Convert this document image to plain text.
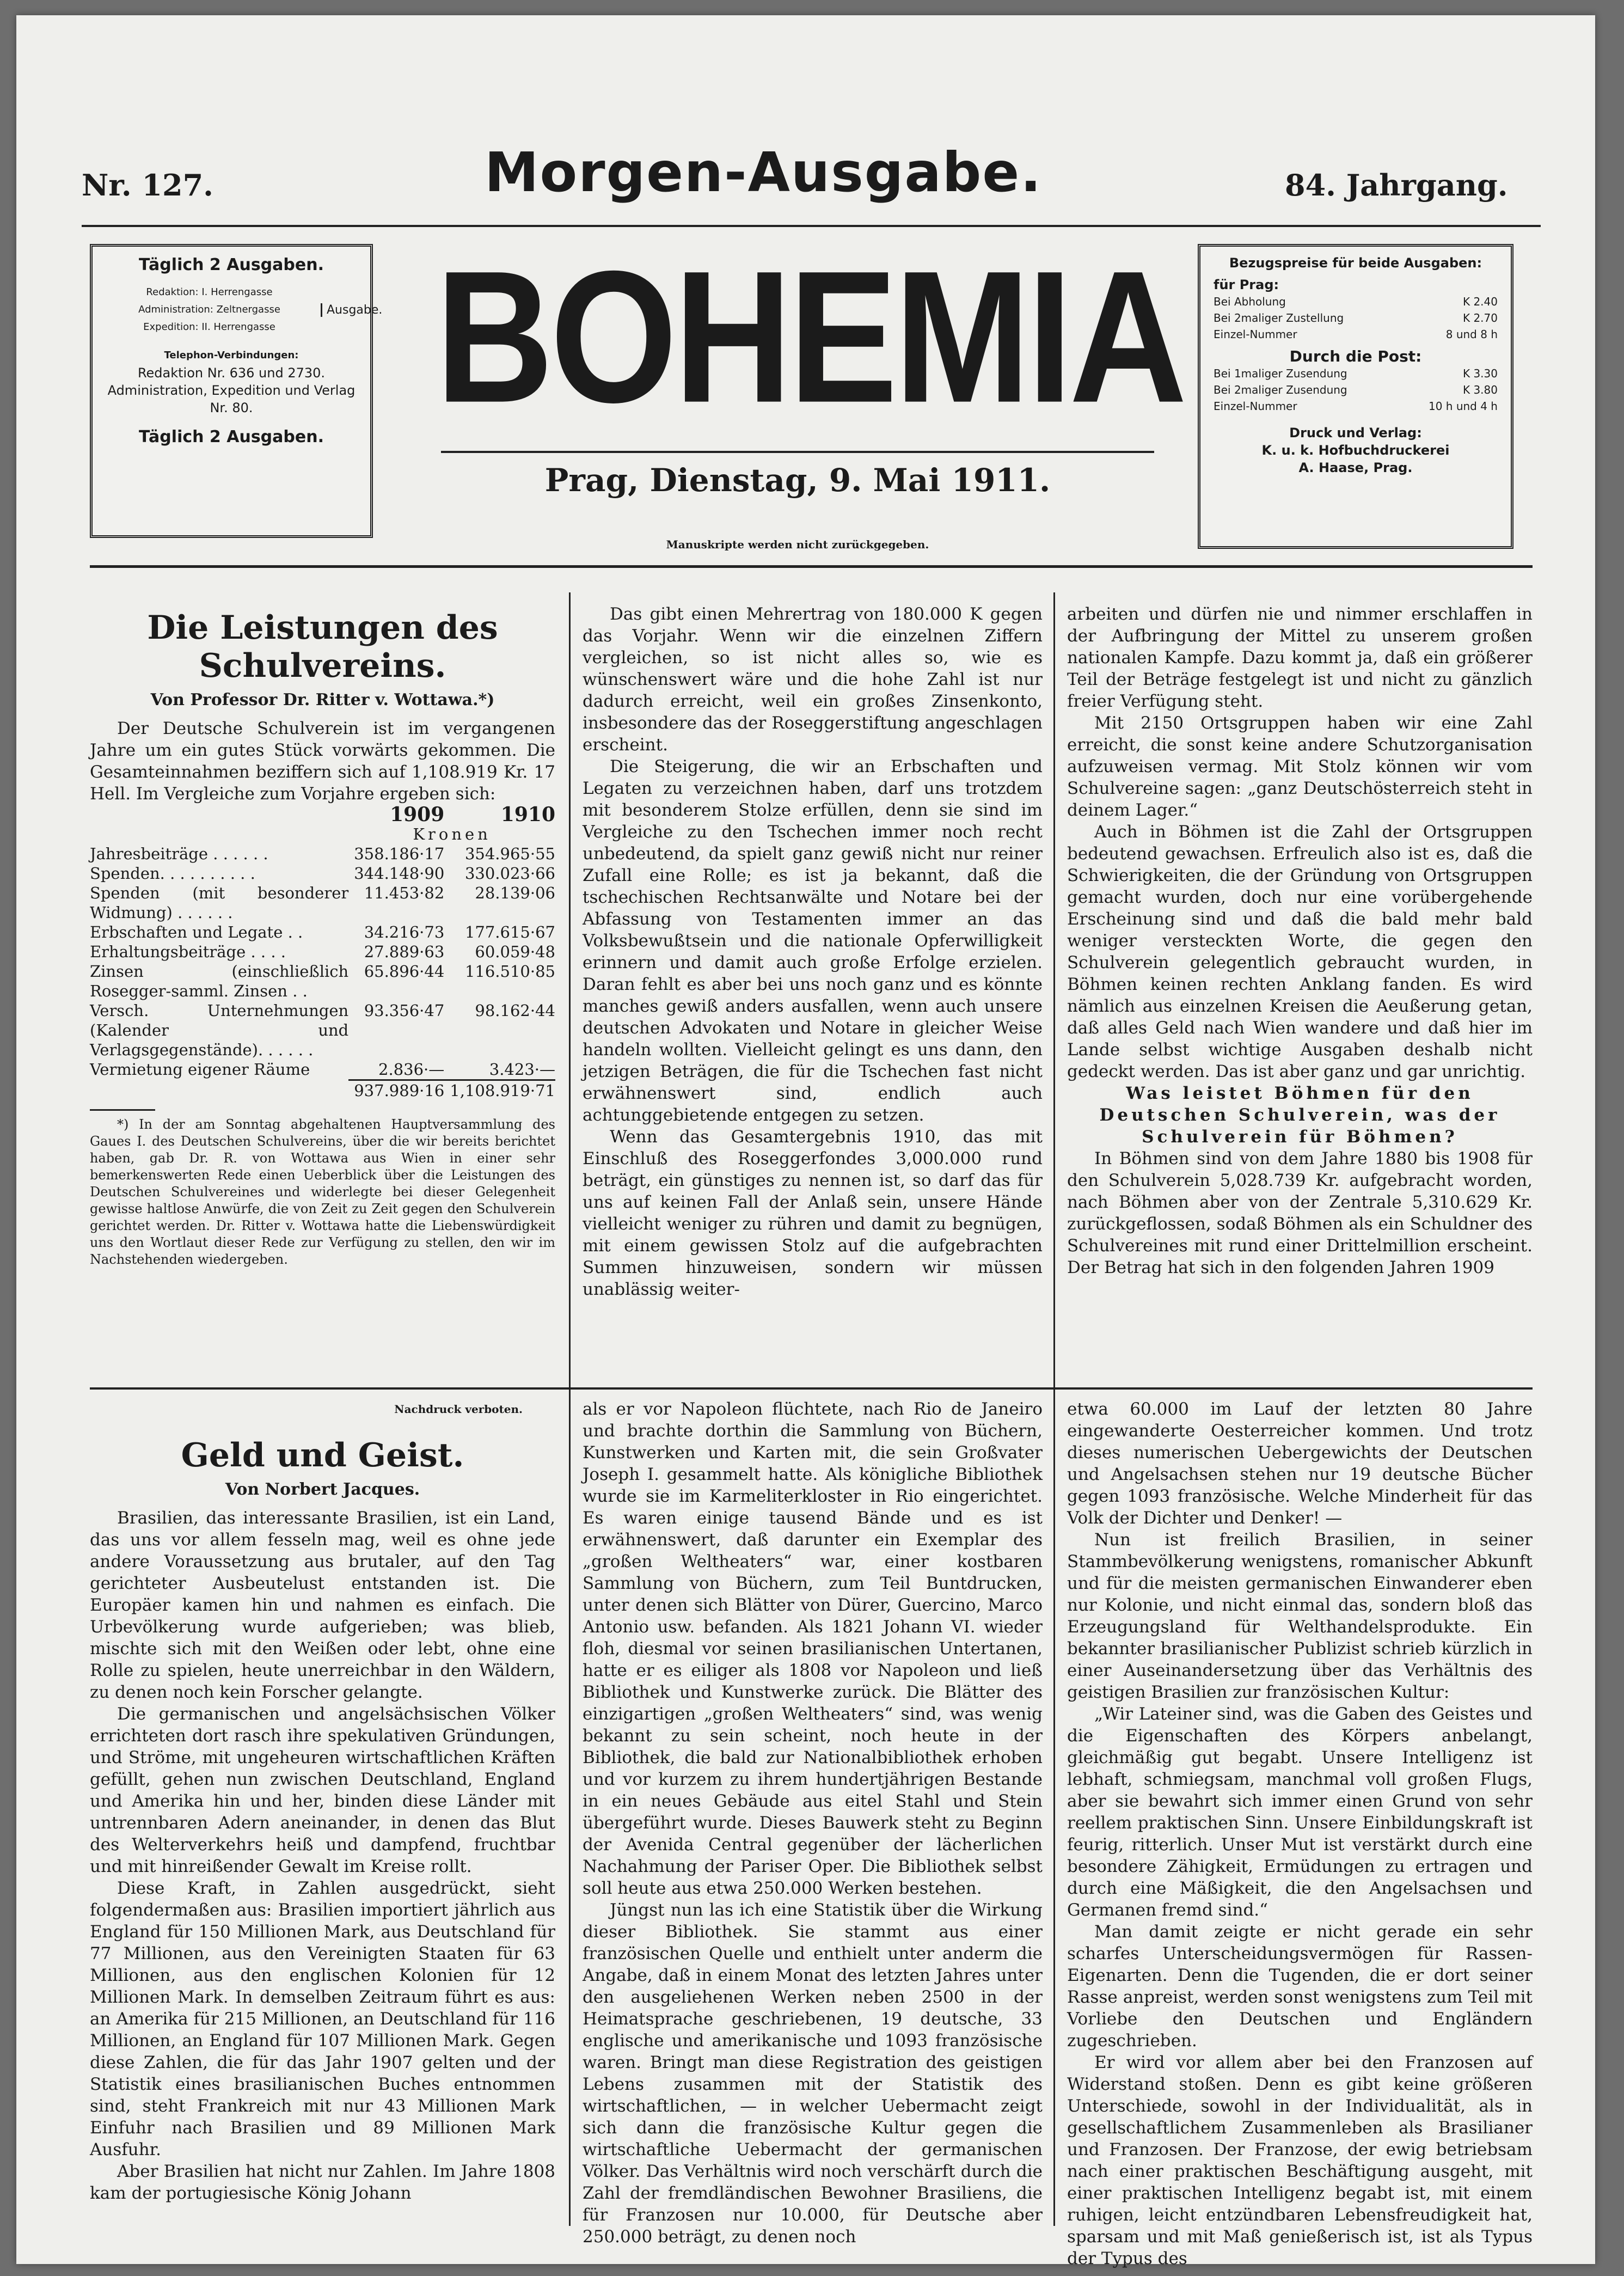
Nr. 127.	Morgen-Ausgabe.	84. Jahrgang.

Täglich 2 Ausgaben.

Redaktion: I. Herrengasse

Administration: Zeltnergasse

Expedition: II. Herrengasse

Ausgabe.

Telephon-Verbindungen:

Redaktion Nr. 636 und 2730.

Administration, Expedition und Verlag Nr. 80.

Täglich 2 Ausgaben. BOHEMIA
Prag, Dienstag, 9. Mai 1911.
Manuskripte werden nicht zurückgegeben.

Bezugspreise für beide Ausgaben:

für Prag:

Bei Abholung	K 2.40
Bei 2maliger Zustellung	K 2.70
Einzel-Nummer	8 und 8 h

Durch die Post:

Bei 1maliger Zusendung	K 3.30
Bei 2maliger Zusendung	K 3.80
Einzel-Nummer	10 h und 4 h

Druck und Verlag:

K. u. k. Hofbuchdruckerei

A. Haase, Prag.

Die Leistungen des Schulvereins.
Von Professor Dr. Ritter v. Wottawa.*)

Der Deutsche Schulverein ist im vergangenen Jahre um ein gutes Stück vorwärts gekommen. Die Gesamteinnahmen beziffern sich auf 1,108.919 Kr. 17 Hell. Im Vergleiche zum Vorjahre ergeben sich:

	1909	1910
	Kronen	
Jahresbeiträge . . . . . .	358.186·17	354.965·55
Spenden. . . . . . . . . .	344.148·90	330.023·66
Spenden (mit besonderer Widmung) . . . . . .	11.453·82	28.139·06
Erbschaften und Legate . .	34.216·73	177.615·67
Erhaltungsbeiträge . . . .	27.889·63	60.059·48
Zinsen (einschließlich Rosegger-samml. Zinsen . .	65.896·44	116.510·85
Versch. Unternehmungen (Kalender und Verlagsgegenstände). . . . . .	93.356·47	98.162·44
Vermietung eigener Räume	2.836·—	3.423·—
	937.989·16	1,108.919·71

*) In der am Sonntag abgehaltenen Hauptversammlung des Gaues I. des Deutschen Schulvereins, über die wir bereits berichtet haben, gab Dr. R. von Wottawa aus Wien in einer sehr bemerkenswerten Rede einen Ueberblick über die Leistungen des Deutschen Schulvereines und widerlegte bei dieser Gelegenheit gewisse haltlose Anwürfe, die von Zeit zu Zeit gegen den Schulverein gerichtet werden. Dr. Ritter v. Wottawa hatte die Liebenswürdigkeit uns den Wortlaut dieser Rede zur Verfügung zu stellen, den wir im Nachstehenden wiedergeben.

Das gibt einen Mehrertrag von 180.000 K gegen das Vorjahr. Wenn wir die einzelnen Ziffern vergleichen, so ist nicht alles so, wie es wünschenswert wäre und die hohe Zahl ist nur dadurch erreicht, weil ein großes Zinsenkonto, insbesondere das der Roseggerstiftung angeschlagen erscheint.

Die Steigerung, die wir an Erbschaften und Legaten zu verzeichnen haben, darf uns trotzdem mit besonderem Stolze erfüllen, denn sie sind im Vergleiche zu den Tschechen immer noch recht unbedeutend, da spielt ganz gewiß nicht nur reiner Zufall eine Rolle; es ist ja bekannt, daß die tschechischen Rechtsanwälte und Notare bei der Abfassung von Testamenten immer an das Volksbewußtsein und die nationale Opferwilligkeit erinnern und damit auch große Erfolge erzielen. Daran fehlt es aber bei uns noch ganz und es könnte manches gewiß anders ausfallen, wenn auch unsere deutschen Advokaten und Notare in gleicher Weise handeln wollten. Vielleicht gelingt es uns dann, den jetzigen Beträgen, die für die Tschechen fast nicht erwähnenswert sind, endlich auch achtunggebietende entgegen zu setzen.

Wenn das Gesamtergebnis 1910, das mit Einschluß des Roseggerfondes 3,000.000 rund beträgt, ein günstiges zu nennen ist, so darf das für uns auf keinen Fall der Anlaß sein, unsere Hände vielleicht weniger zu rühren und damit zu begnügen, mit einem gewissen Stolz auf die aufgebrachten Summen hinzuweisen, sondern wir müssen unablässig weiter-

arbeiten und dürfen nie und nimmer erschlaffen in der Aufbringung der Mittel zu unserem großen nationalen Kampfe. Dazu kommt ja, daß ein größerer Teil der Beträge festgelegt ist und nicht zu gänzlich freier Verfügung steht.

Mit 2150 Ortsgruppen haben wir eine Zahl erreicht, die sonst keine andere Schutzorganisation aufzuweisen vermag. Mit Stolz können wir vom Schulvereine sagen: „ganz Deutschösterreich steht in deinem Lager.“

Auch in Böhmen ist die Zahl der Ortsgruppen bedeutend gewachsen. Erfreulich also ist es, daß die Schwierigkeiten, die der Gründung von Ortsgruppen gemacht wurden, doch nur eine vorübergehende Erscheinung sind und daß die bald mehr bald weniger versteckten Worte, die gegen den Schulverein gelegentlich gebraucht wurden, in Böhmen keinen rechten Anklang fanden. Es wird nämlich aus einzelnen Kreisen die Aeußerung getan, daß alles Geld nach Wien wandere und daß hier im Lande selbst wichtige Ausgaben deshalb nicht gedeckt werden. Das ist aber ganz und gar unrichtig.

Was leistet Böhmen für den Deutschen Schulverein, was der Schulverein für Böhmen?

In Böhmen sind von dem Jahre 1880 bis 1908 für den Schulverein 5,028.739 Kr. aufgebracht worden, nach Böhmen aber von der Zentrale 5,310.629 Kr. zurückgeflossen, sodaß Böhmen als ein Schuldner des Schulvereines mit rund einer Drittelmillion erscheint. Der Betrag hat sich in den folgenden Jahren 1909

Nachdruck verboten.
Geld und Geist.
Von Norbert Jacques.

Brasilien, das interessante Brasilien, ist ein Land, das uns vor allem fesseln mag, weil es ohne jede andere Voraussetzung aus brutaler, auf den Tag gerichteter Ausbeutelust entstanden ist. Die Europäer kamen hin und nahmen es einfach. Die Urbevölkerung wurde aufgerieben; was blieb, mischte sich mit den Weißen oder lebt, ohne eine Rolle zu spielen, heute unerreichbar in den Wäldern, zu denen noch kein Forscher gelangte.

Die germanischen und angelsächsischen Völker errichteten dort rasch ihre spekulativen Gründungen, und Ströme, mit ungeheuren wirtschaftlichen Kräften gefüllt, gehen nun zwischen Deutschland, England und Amerika hin und her, binden diese Länder mit untrennbaren Adern aneinander, in denen das Blut des Welterverkehrs heiß und dampfend, fruchtbar und mit hinreißender Gewalt im Kreise rollt.

Diese Kraft, in Zahlen ausgedrückt, sieht folgendermaßen aus: Brasilien importiert jährlich aus England für 150 Millionen Mark, aus Deutschland für 77 Millionen, aus den Vereinigten Staaten für 63 Millionen, aus den englischen Kolonien für 12 Millionen Mark. In demselben Zeitraum führt es aus: an Amerika für 215 Millionen, an Deutschland für 116 Millionen, an England für 107 Millionen Mark. Gegen diese Zahlen, die für das Jahr 1907 gelten und der Statistik eines brasilianischen Buches entnommen sind, steht Frankreich mit nur 43 Millionen Mark Einfuhr nach Brasilien und 89 Millionen Mark Ausfuhr.

Aber Brasilien hat nicht nur Zahlen. Im Jahre 1808 kam der portugiesische König Johann

als er vor Napoleon flüchtete, nach Rio de Janeiro und brachte dorthin die Sammlung von Büchern, Kunstwerken und Karten mit, die sein Großvater Joseph I. gesammelt hatte. Als königliche Bibliothek wurde sie im Karmeliterkloster in Rio eingerichtet. Es waren einige tausend Bände und es ist erwähnenswert, daß darunter ein Exemplar des „großen Weltheaters“ war, einer kostbaren Sammlung von Büchern, zum Teil Buntdrucken, unter denen sich Blätter von Dürer, Guercino, Marco Antonio usw. befanden. Als 1821 Johann VI. wieder floh, diesmal vor seinen brasilianischen Untertanen, hatte er es eiliger als 1808 vor Napoleon und ließ Bibliothek und Kunstwerke zurück. Die Blätter des einzigartigen „großen Weltheaters“ sind, was wenig bekannt zu sein scheint, noch heute in der Bibliothek, die bald zur Nationalbibliothek erhoben und vor kurzem zu ihrem hundertjährigen Bestande in ein neues Gebäude aus eitel Stahl und Stein übergeführt wurde. Dieses Bauwerk steht zu Beginn der Avenida Central gegenüber der lächerlichen Nachahmung der Pariser Oper. Die Bibliothek selbst soll heute aus etwa 250.000 Werken bestehen.

Jüngst nun las ich eine Statistik über die Wirkung dieser Bibliothek. Sie stammt aus einer französischen Quelle und enthielt unter anderm die Angabe, daß in einem Monat des letzten Jahres unter den ausgeliehenen Werken neben 2500 in der Heimatsprache geschriebenen, 19 deutsche, 33 englische und amerikanische und 1093 französische waren. Bringt man diese Registration des geistigen Lebens zusammen mit der Statistik des wirtschaftlichen, — in welcher Uebermacht zeigt sich dann die französische Kultur gegen die wirtschaftliche Uebermacht der germanischen Völker. Das Verhältnis wird noch verschärft durch die Zahl der fremdländischen Bewohner Brasiliens, die für Franzosen nur 10.000, für Deutsche aber 250.000 beträgt, zu denen noch

etwa 60.000 im Lauf der letzten 80 Jahre eingewanderte Oesterreicher kommen. Und trotz dieses numerischen Uebergewichts der Deutschen und Angelsachsen stehen nur 19 deutsche Bücher gegen 1093 französische. Welche Minderheit für das Volk der Dichter und Denker! —

Nun ist freilich Brasilien, in seiner Stammbevölkerung wenigstens, romanischer Abkunft und für die meisten germanischen Einwanderer eben nur Kolonie, und nicht einmal das, sondern bloß das Erzeugungsland für Welthandelsprodukte. Ein bekannter brasilianischer Publizist schrieb kürzlich in einer Auseinandersetzung über das Verhältnis des geistigen Brasilien zur französischen Kultur:

„Wir Lateiner sind, was die Gaben des Geistes und die Eigenschaften des Körpers anbelangt, gleichmäßig gut begabt. Unsere Intelligenz ist lebhaft, schmiegsam, manchmal voll großen Flugs, aber sie bewahrt sich immer einen Grund von sehr reellem praktischen Sinn. Unsere Einbildungskraft ist feurig, ritterlich. Unser Mut ist verstärkt durch eine besondere Zähigkeit, Ermüdungen zu ertragen und durch eine Mäßigkeit, die den Angelsachsen und Germanen fremd sind.“

Man damit zeigte er nicht gerade ein sehr scharfes Unterscheidungsvermögen für Rassen-Eigenarten. Denn die Tugenden, die er dort seiner Rasse anpreist, werden sonst wenigstens zum Teil mit Vorliebe den Deutschen und Engländern zugeschrieben.

Er wird vor allem aber bei den Franzosen auf Widerstand stoßen. Denn es gibt keine größeren Unterschiede, sowohl in der Individualität, als in gesellschaftlichem Zusammenleben als Brasilianer und Franzosen. Der Franzose, der ewig betriebsam nach einer praktischen Beschäftigung ausgeht, mit einer praktischen Intelligenz begabt ist, mit einem ruhigen, leicht entzündbaren Lebensfreudigkeit hat, sparsam und mit Maß genießerisch ist, ist als Typus der Typus des
